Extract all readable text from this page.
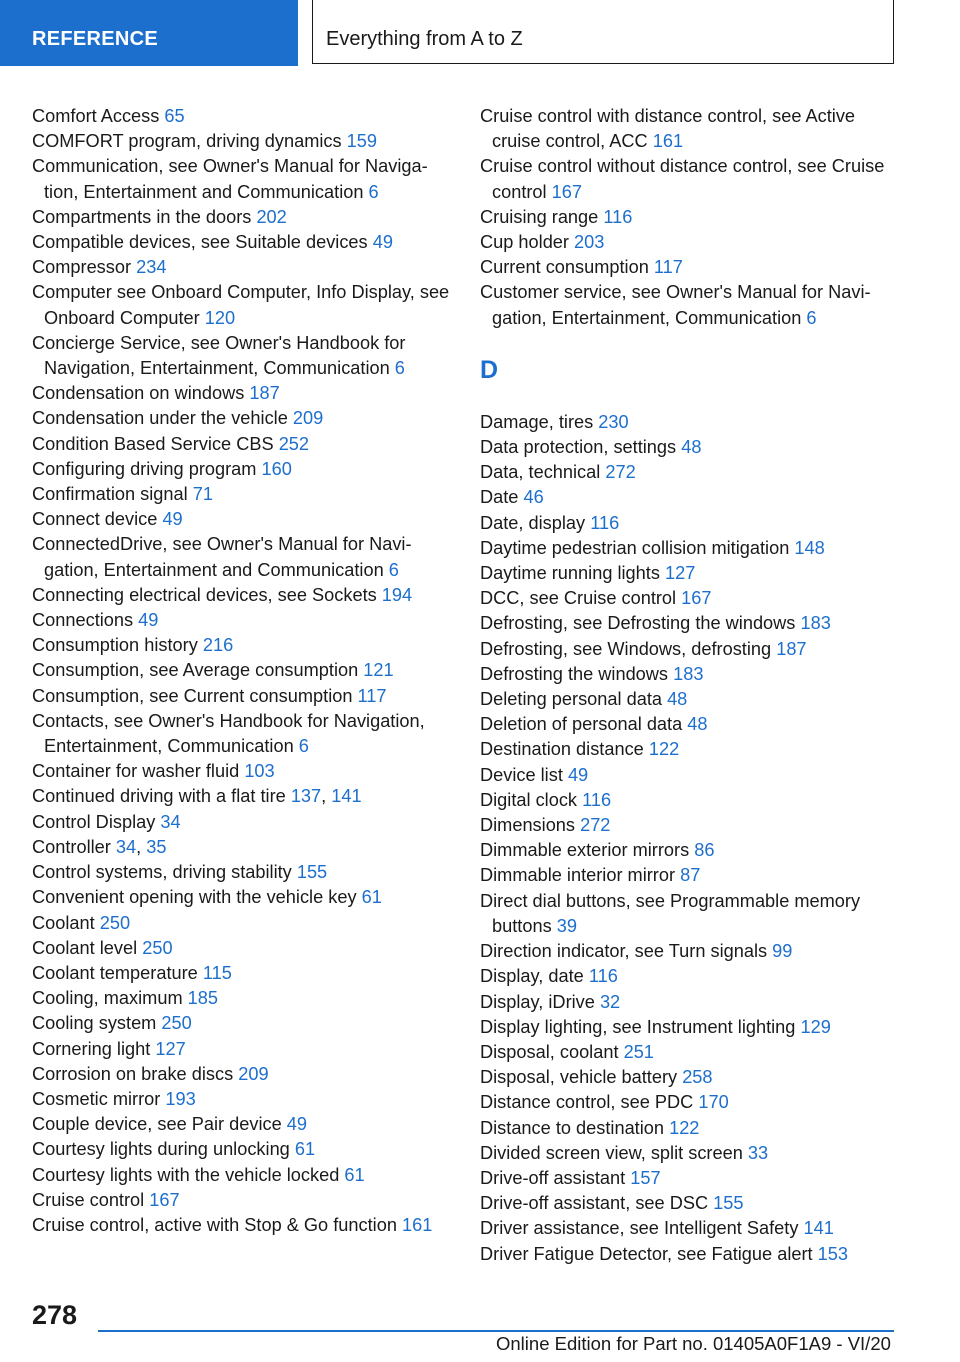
REFERENCE	Everything from A to Z
Comfort Access 65
COMFORT program, driving dynamics 159
Communication, see Owner's Manual for Navigation, Entertainment and Communication 6
Compartments in the doors 202
Compatible devices, see Suitable devices 49
Compressor 234
Computer see Onboard Computer, Info Display, see Onboard Computer 120
Concierge Service, see Owner's Handbook for Navigation, Entertainment, Communication 6
Condensation on windows 187
Condensation under the vehicle 209
Condition Based Service CBS 252
Configuring driving program 160
Confirmation signal 71
Connect device 49
ConnectedDrive, see Owner's Manual for Navigation, Entertainment and Communication 6
Connecting electrical devices, see Sockets 194
Connections 49
Consumption history 216
Consumption, see Average consumption 121
Consumption, see Current consumption 117
Contacts, see Owner's Handbook for Navigation, Entertainment, Communication 6
Container for washer fluid 103
Continued driving with a flat tire 137, 141
Control Display 34
Controller 34, 35
Control systems, driving stability 155
Convenient opening with the vehicle key 61
Coolant 250
Coolant level 250
Coolant temperature 115
Cooling, maximum 185
Cooling system 250
Cornering light 127
Corrosion on brake discs 209
Cosmetic mirror 193
Couple device, see Pair device 49
Courtesy lights during unlocking 61
Courtesy lights with the vehicle locked 61
Cruise control 167
Cruise control, active with Stop & Go function 161
Cruise control with distance control, see Active cruise control, ACC 161
Cruise control without distance control, see Cruise control 167
Cruising range 116
Cup holder 203
Current consumption 117
Customer service, see Owner's Manual for Navigation, Entertainment, Communication 6
D
Damage, tires 230
Data protection, settings 48
Data, technical 272
Date 46
Date, display 116
Daytime pedestrian collision mitigation 148
Daytime running lights 127
DCC, see Cruise control 167
Defrosting, see Defrosting the windows 183
Defrosting, see Windows, defrosting 187
Defrosting the windows 183
Deleting personal data 48
Deletion of personal data 48
Destination distance 122
Device list 49
Digital clock 116
Dimensions 272
Dimmable exterior mirrors 86
Dimmable interior mirror 87
Direct dial buttons, see Programmable memory buttons 39
Direction indicator, see Turn signals 99
Display, date 116
Display, iDrive 32
Display lighting, see Instrument lighting 129
Disposal, coolant 251
Disposal, vehicle battery 258
Distance control, see PDC 170
Distance to destination 122
Divided screen view, split screen 33
Drive-off assistant 157
Drive-off assistant, see DSC 155
Driver assistance, see Intelligent Safety 141
Driver Fatigue Detector, see Fatigue alert 153
278
Online Edition for Part no. 01405A0F1A9 - VI/20
